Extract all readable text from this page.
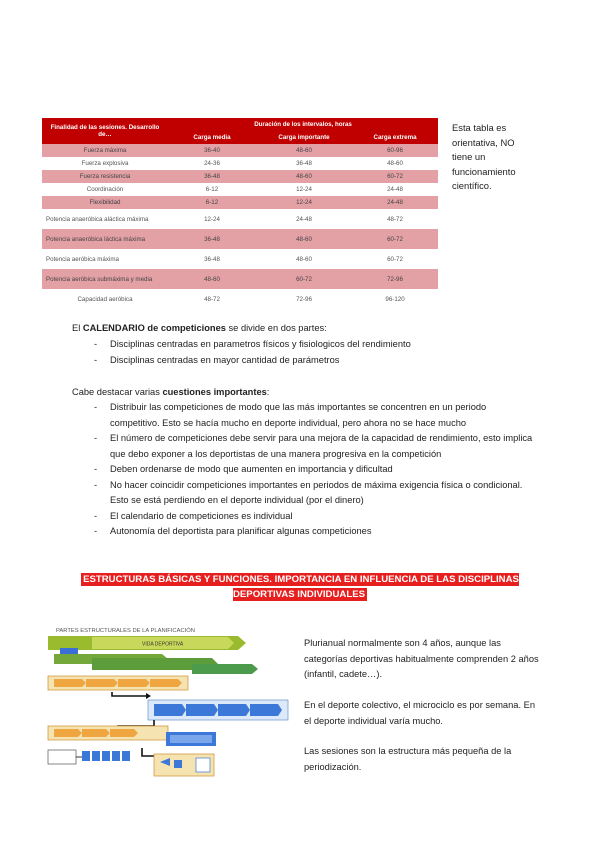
Finalidad de las sesiones. Desarrollo de…	Duración de los intervalos, horas		
	Carga media	Carga importante	Carga extrema
Fuerza máxima	36-40	48-60	60-96
Fuerza explosiva	24-36	36-48	48-60
Fuerza resistencia	36-48	48-60	60-72
Coordinación	6-12	12-24	24-48
Flexibilidad	6-12	12-24	24-48
Potencia anaeróbica aláctica máxima	12-24	24-48	48-72
Potencia anaeróbica láctica máxima	36-48	48-60	60-72
Potencia aeróbica máxima	36-48	48-60	60-72
Potencia aeróbica submáxima y media	48-60	60-72	72-96
Capacidad aeróbica	48-72	72-96	96-120
Esta tabla es orientativa, NO tiene un funcionamiento científico.
El CALENDARIO de competiciones se divide en dos partes:
- Disciplinas centradas en parametros físicos y fisiologicos del rendimiento
- Disciplinas centradas en mayor cantidad de parámetros
Cabe destacar varias cuestiones importantes:
- Distribuir las competiciones de modo que las más importantes se concentren en un periodo competitivo. Esto se hacía mucho en deporte individual, pero ahora no se hace mucho
- El número de competiciones debe servir para una mejora de la capacidad de rendimiento, esto implica que debo exponer a los deportistas de una manera progresiva en la competición
- Deben ordenarse de modo que aumenten en importancia y dificultad
- No hacer coincidir competiciones importantes en periodos de máxima exigencia física o condicional. Esto se está perdiendo en el deporte individual (por el dinero)
- El calendario de competiciones es individual
- Autonomía del deportista para planificar algunas competiciones
ESTRUCTURAS BÁSICAS Y FUNCIONES. IMPORTANCIA EN INFLUENCIA DE LAS DISCIPLINAS DEPORTIVAS INDIVIDUALES
PARTES ESTRUCTURALES DE LA PLANIFICACIÓN
VIDA DEPORTIVA	Plurianual normalmente son 4 años, aunque las categorías deportivas habitualmente comprenden 2 años (infantil, cadete…).
En el deporte colectivo, el microciclo es por semana. En el deporte individual varía mucho.
Las sesiones son la estructura más pequeña de la periodización.
